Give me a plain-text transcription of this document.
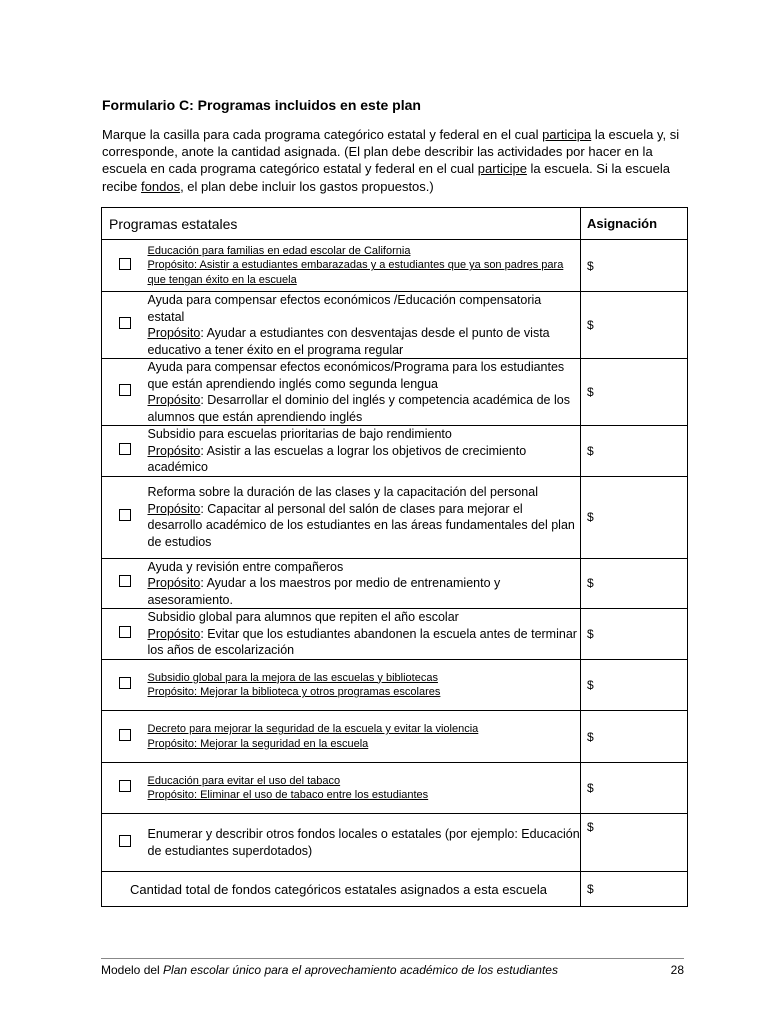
Formulario C: Programas incluidos en este plan

Marque la casilla para cada programa categórico estatal y federal en el cual participa la escuela y, si corresponde, anote la cantidad asignada. (El plan debe describir las actividades por hacer en la escuela en cada programa categórico estatal y federal en el cual participe la escuela. Si la escuela recibe fondos, el plan debe incluir los gastos propuestos.)

Programas estatales		Asignación

	Educación para familias en edad escolar de California
Propósito: Asistir a estudiantes embarazadas y a estudiantes que ya son padres para que tengan éxito en la escuela	$

	Ayuda para compensar efectos económicos /Educación compensatoria estatal
Propósito: Ayudar a estudiantes con desventajas desde el punto de vista educativo a tener éxito en el programa regular	$

	Ayuda para compensar efectos económicos/Programa para los estudiantes que están aprendiendo inglés como segunda lengua
Propósito: Desarrollar el dominio del inglés y competencia académica de los alumnos que están aprendiendo inglés	$

	Subsidio para escuelas prioritarias de bajo rendimiento
Propósito: Asistir a las escuelas a lograr los objetivos de crecimiento académico	$

	Reforma sobre la duración de las clases y la capacitación del personal
Propósito: Capacitar al personal del salón de clases para mejorar el desarrollo académico de los estudiantes en las áreas fundamentales del plan de estudios	$

	Ayuda y revisión entre compañeros
Propósito: Ayudar a los maestros por medio de entrenamiento y asesoramiento.	$

	Subsidio global para alumnos que repiten el año escolar
Propósito: Evitar que los estudiantes abandonen la escuela antes de terminar los años de escolarización	$

	Subsidio global para la mejora de las escuelas y bibliotecas
Propósito: Mejorar la biblioteca y otros programas escolares	$

	Decreto para mejorar la seguridad de la escuela y evitar la violencia
Propósito: Mejorar la seguridad en la escuela	$

	Educación para evitar el uso del tabaco
Propósito: Eliminar el uso de tabaco entre los estudiantes	$
	Enumerar y describir otros fondos locales o estatales (por ejemplo: Educación de estudiantes superdotados)	$
Cantidad total de fondos categóricos estatales asignados a esta escuela		$
Modelo del Plan escolar único para el aprovechamiento académico de los estudiantes	28
